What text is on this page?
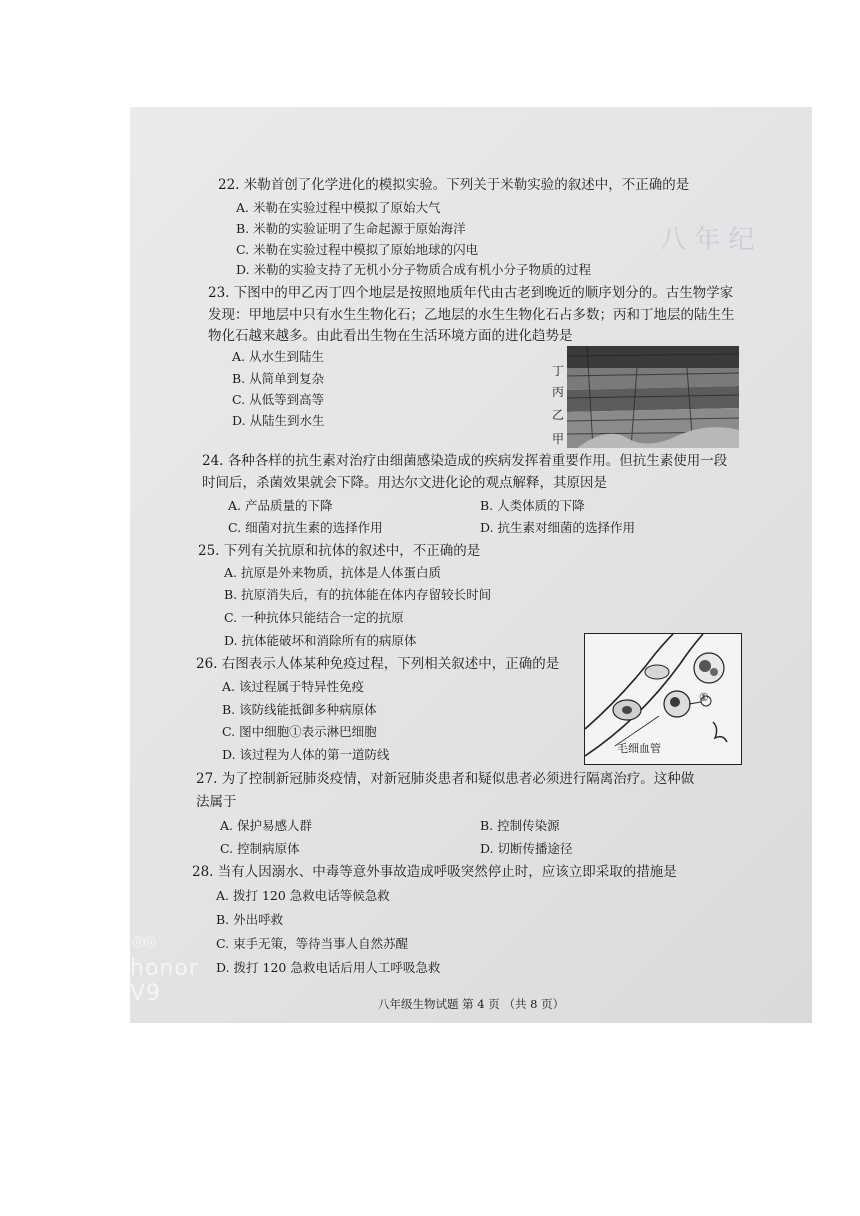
八 年 纪
22. 米勒首创了化学进化的模拟实验。下列关于米勒实验的叙述中，不正确的是
A. 米勒在实验过程中模拟了原始大气
B. 米勒的实验证明了生命起源于原始海洋
C. 米勒在实验过程中模拟了原始地球的闪电
D. 米勒的实验支持了无机小分子物质合成有机小分子物质的过程
23. 下图中的甲乙丙丁四个地层是按照地质年代由古老到晚近的顺序划分的。古生物学家
发现：甲地层中只有水生生物化石；乙地层的水生生物化石占多数；丙和丁地层的陆生生
物化石越来越多。由此看出生物在生活环境方面的进化趋势是
A. 从水生到陆生
B. 从简单到复杂
C. 从低等到高等
D. 从陆生到水生
丁
丙
乙
甲
24. 各种各样的抗生素对治疗由细菌感染造成的疾病发挥着重要作用。但抗生素使用一段
时间后，杀菌效果就会下降。用达尔文进化论的观点解释，其原因是
A. 产品质量的下降	B. 人类体质的下降
C. 细菌对抗生素的选择作用	D. 抗生素对细菌的选择作用
25. 下列有关抗原和抗体的叙述中，不正确的是
A. 抗原是外来物质，抗体是人体蛋白质
B. 抗原消失后，有的抗体能在体内存留较长时间
C. 一种抗体只能结合一定的抗原
D. 抗体能破坏和消除所有的病原体
26. 右图表示人体某种免疫过程，下列相关叙述中，正确的是
A. 该过程属于特异性免疫
B. 该防线能抵御多种病原体
C. 图中细胞①表示淋巴细胞
D. 该过程为人体的第一道防线
①
毛细血管
27. 为了控制新冠肺炎疫情，对新冠肺炎患者和疑似患者必须进行隔离治疗。这种做
法属于
A. 保护易感人群	B. 控制传染源
C. 控制病原体	D. 切断传播途径
28. 当有人因溺水、中毒等意外事故造成呼吸突然停止时，应该立即采取的措施是
A. 拨打 120 急救电话等候急救
B. 外出呼救
C. 束手无策，等待当事人自然苏醒
D. 拨打 120 急救电话后用人工呼吸急救
八年级生物试题 第 4 页 （共 8 页）
◎◎
honor V9
